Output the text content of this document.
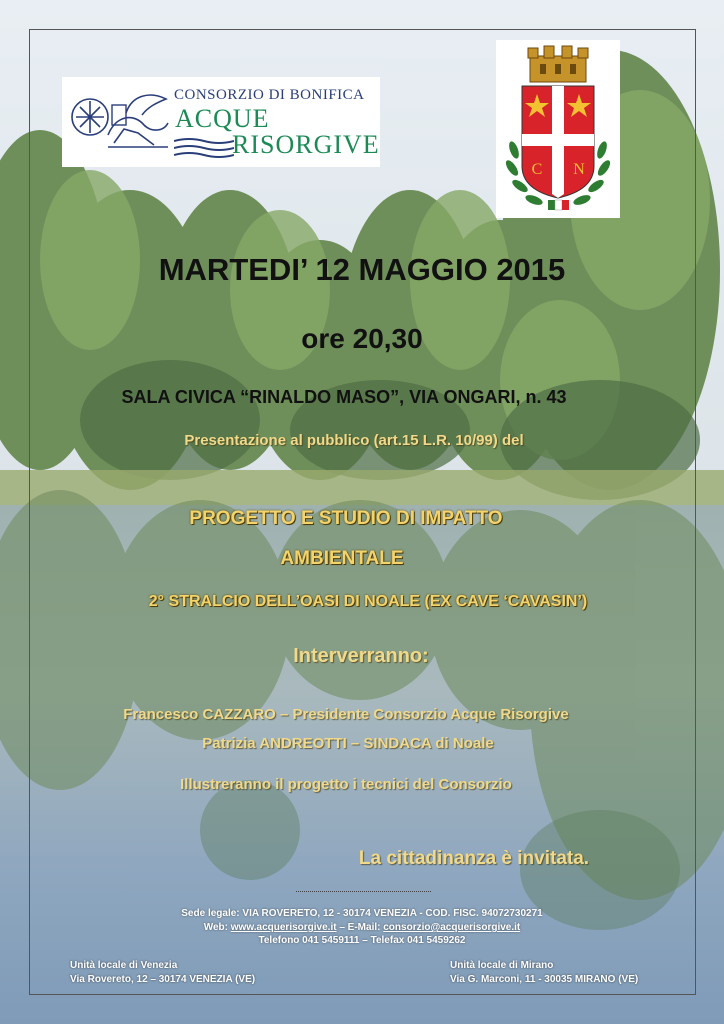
CONSORZIO DI BONIFICA
ACQUE
RISORGIVE
C N
MARTEDI’ 12 MAGGIO 2015
ore 20,30
SALA CIVICA “RINALDO MASO”, VIA ONGARI, n. 43
Presentazione al pubblico (art.15 L.R. 10/99) del
PROGETTO E STUDIO DI IMPATTO
AMBIENTALE
2° STRALCIO DELL’OASI DI NOALE (EX CAVE ‘CAVASIN’)
Interverranno:
Francesco CAZZARO – Presidente Consorzio Acque Risorgive
Patrizia ANDREOTTI – SINDACA di Noale
Illustreranno il progetto i tecnici del Consorzio
La cittadinanza è invitata.
Sede legale: VIA ROVERETO, 12 - 30174 VENEZIA - COD. FISC. 94072730271
Web: www.acquerisorgive.it – E-Mail: consorzio@acquerisorgive.it
Telefono 041 5459111 – Telefax 041 5459262
Unità locale di Venezia
Via Rovereto, 12 – 30174 VENEZIA (VE)
Unità locale di Mirano
Via G. Marconi, 11 - 30035 MIRANO (VE)
